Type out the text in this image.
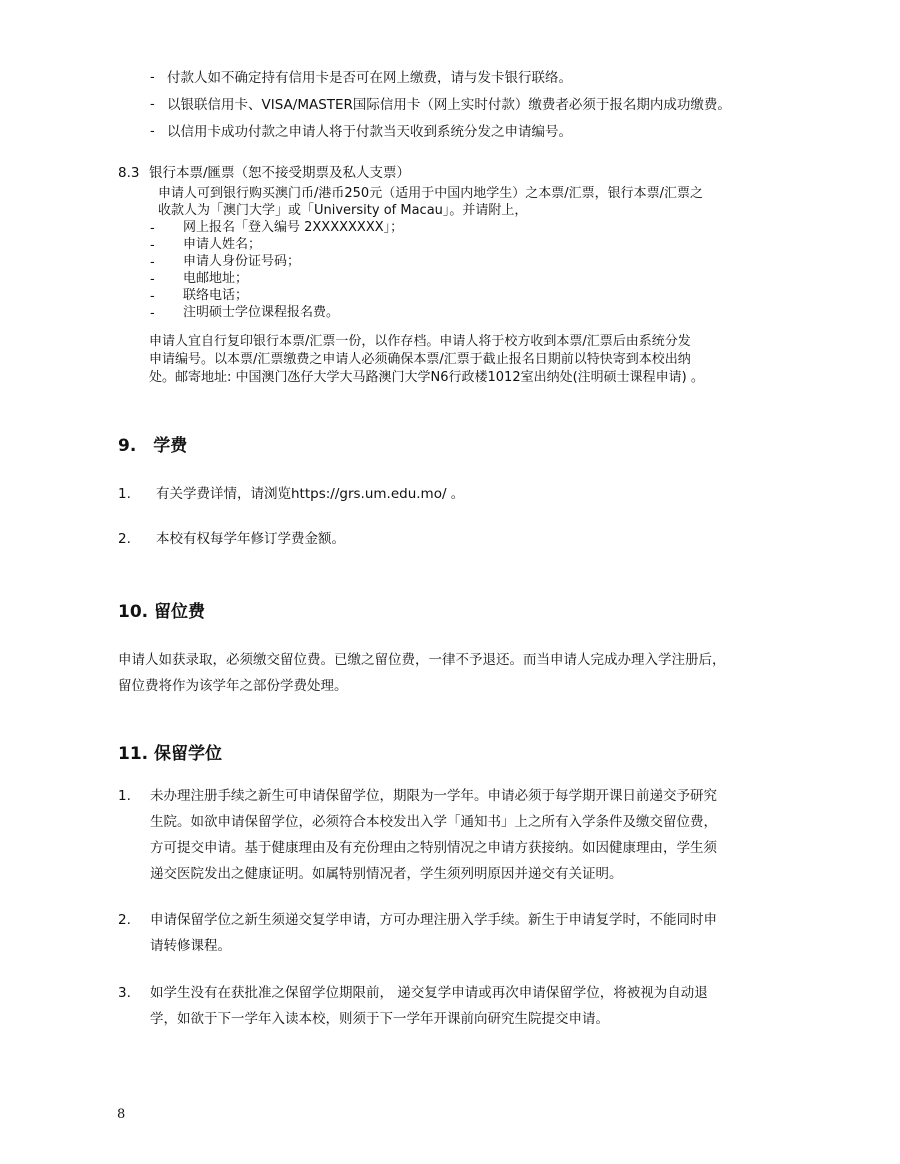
- 付款人如不确定持有信用卡是否可在网上缴费，请与发卡银行联络。
- 以银联信用卡、VISA/MASTER国际信用卡（网上实时付款）缴费者必须于报名期内成功缴费。
- 以信用卡成功付款之申请人将于付款当天收到系统分发之申请编号。
8.3 银行本票/匯票（恕不接受期票及私人支票）
申请人可到银行购买澳门币/港币250元（适用于中国内地学生）之本票/汇票，银行本票/汇票之
收款人为「澳门大学」或「University of Macau」。并请附上，
- 网上报名「登入编号 2XXXXXXXX」；
- 申请人姓名；
- 申请人身份证号码；
- 电邮地址；
- 联络电话；
- 注明硕士学位课程报名费。
申请人宜自行复印银行本票/汇票一份，以作存档。申请人将于校方收到本票/汇票后由系统分发
申请编号。以本票/汇票缴费之申请人必须确保本票/汇票于截止报名日期前以特快寄到本校出纳
处。邮寄地址: 中国澳门氹仔大学大马路澳门大学N6行政楼1012室出纳处(注明硕士课程申请) 。
9.　学费
1. 有关学费详情，请浏览https://grs.um.edu.mo/ 。
2. 本校有权每学年修订学费金额。
10. 留位费
申请人如获录取，必须缴交留位费。已缴之留位费，一律不予退还。而当申请人完成办理入学注册后，
留位费将作为该学年之部份学费处理。
11. 保留学位
1. 未办理注册手续之新生可申请保留学位，期限为一学年。申请必须于每学期开课日前递交予研究
生院。如欲申请保留学位，必须符合本校发出入学「通知书」上之所有入学条件及缴交留位费，
方可提交申请。基于健康理由及有充份理由之特别情况之申请方获接纳。如因健康理由，学生须
递交医院发出之健康证明。如属特别情况者，学生须列明原因并递交有关证明。
2. 申请保留学位之新生须递交复学申请，方可办理注册入学手续。新生于申请复学时，不能同时申
请转修课程。
3. 如学生没有在获批准之保留学位期限前， 递交复学申请或再次申请保留学位，将被视为自动退
学，如欲于下一学年入读本校，则须于下一学年开课前向研究生院提交申请。
8
